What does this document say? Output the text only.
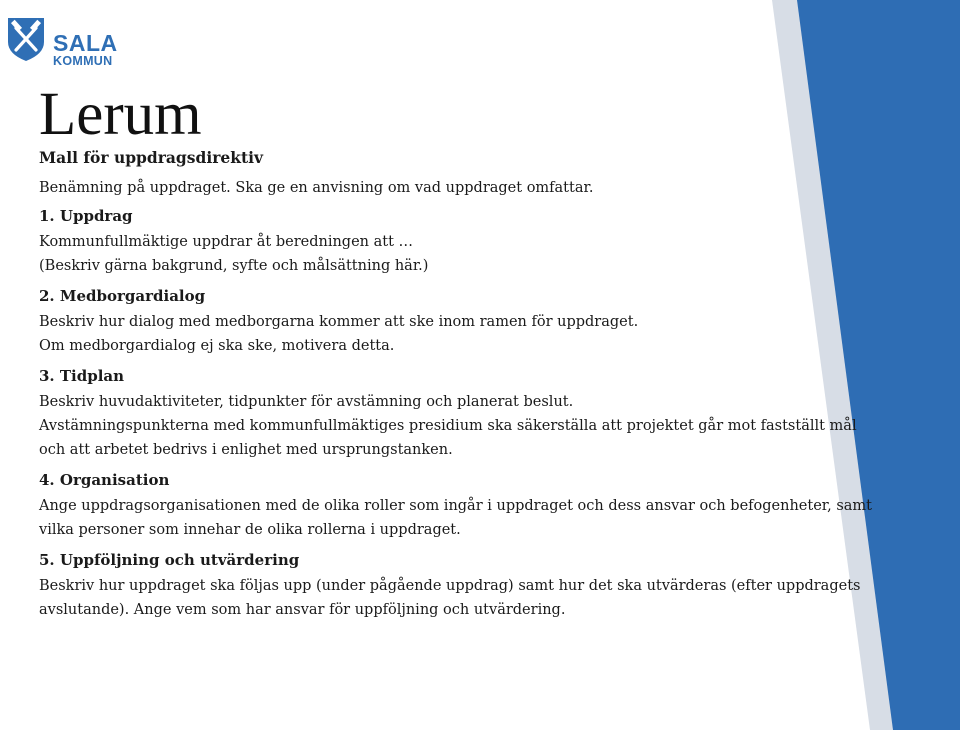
SALA
KOMMUN
Lerum
Mall för uppdragsdirektiv
Benämning på uppdraget. Ska ge en anvisning om vad uppdraget omfattar.
1. Uppdrag

Kommunfullmäktige uppdrar åt beredningen att …

(Beskriv gärna bakgrund, syfte och målsättning här.)

2. Medborgardialog

Beskriv hur dialog med medborgarna kommer att ske inom ramen för uppdraget.

Om medborgardialog ej ska ske, motivera detta.

3. Tidplan

Beskriv huvudaktiviteter, tidpunkter för avstämning och planerat beslut.

Avstämningspunkterna med kommunfullmäktiges presidium ska säkerställa att projektet går mot fastställt mål

och att arbetet bedrivs i enlighet med ursprungstanken.

4. Organisation

Ange uppdragsorganisationen med de olika roller som ingår i uppdraget och dess ansvar och befogenheter, samt

vilka personer som innehar de olika rollerna i uppdraget.

5. Uppföljning och utvärdering

Beskriv hur uppdraget ska följas upp (under pågående uppdrag) samt hur det ska utvärderas (efter uppdragets

avslutande). Ange vem som har ansvar för uppföljning och utvärdering.
